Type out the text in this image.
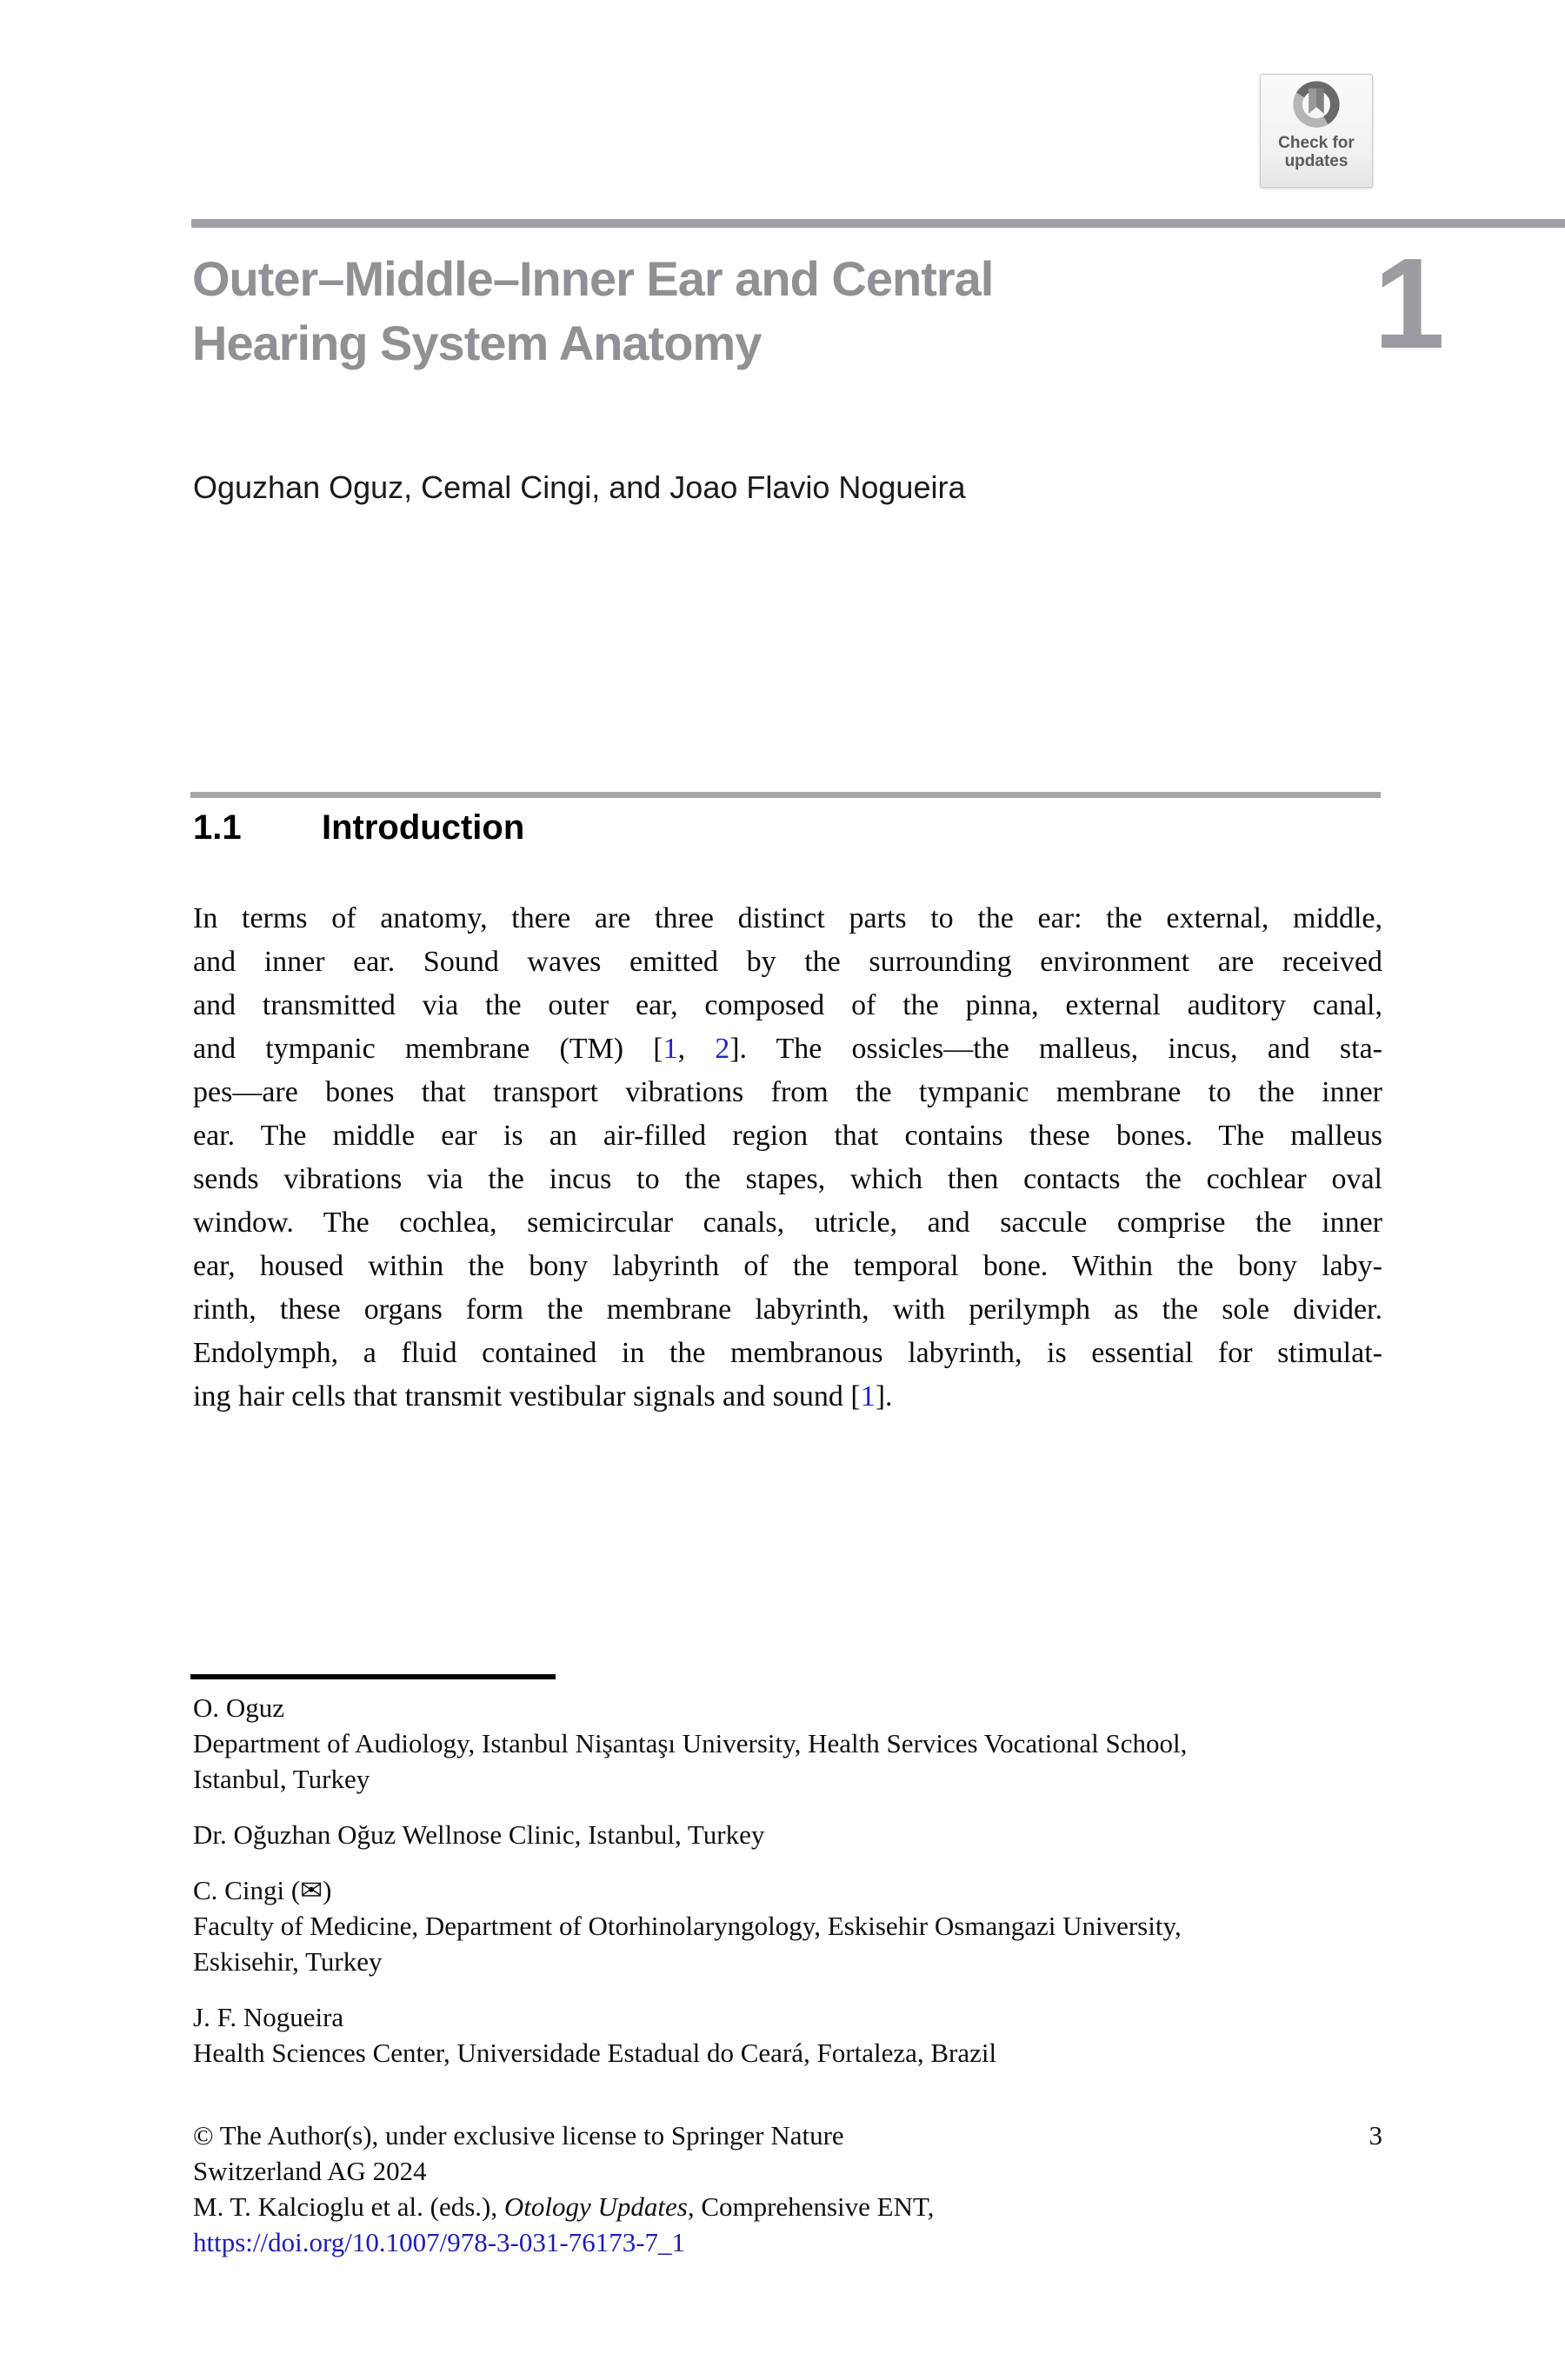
Check for
updates
Outer–Middle–Inner Ear and Central
Hearing System Anatomy	1
Oguzhan Oguz, Cemal Cingi, and Joao Flavio Nogueira
1.1	Introduction
In terms of anatomy, there are three distinct parts to the ear: the external, middle,
and inner ear. Sound waves emitted by the surrounding environment are received
and transmitted via the outer ear, composed of the pinna, external auditory canal,
and tympanic membrane (TM) [1, 2]. The ossicles—the malleus, incus, and sta-
pes—are bones that transport vibrations from the tympanic membrane to the inner
ear. The middle ear is an air-filled region that contains these bones. The malleus
sends vibrations via the incus to the stapes, which then contacts the cochlear oval
window. The cochlea, semicircular canals, utricle, and saccule comprise the inner
ear, housed within the bony labyrinth of the temporal bone. Within the bony laby-
rinth, these organs form the membrane labyrinth, with perilymph as the sole divider.
Endolymph, a fluid contained in the membranous labyrinth, is essential for stimulat-
ing hair cells that transmit vestibular signals and sound [1].
O. Oguz
Department of Audiology, Istanbul Nişantaşı University, Health Services Vocational School,
Istanbul, Turkey
Dr. Oğuzhan Oğuz Wellnose Clinic, Istanbul, Turkey
C. Cingi (✉)
Faculty of Medicine, Department of Otorhinolaryngology, Eskisehir Osmangazi University,
Eskisehir, Turkey
J. F. Nogueira
Health Sciences Center, Universidade Estadual do Ceará, Fortaleza, Brazil
© The Author(s), under exclusive license to Springer Nature	3
Switzerland AG 2024
M. T. Kalcioglu et al. (eds.), Otology Updates, Comprehensive ENT,
https://doi.org/10.1007/978-3-031-76173-7_1
